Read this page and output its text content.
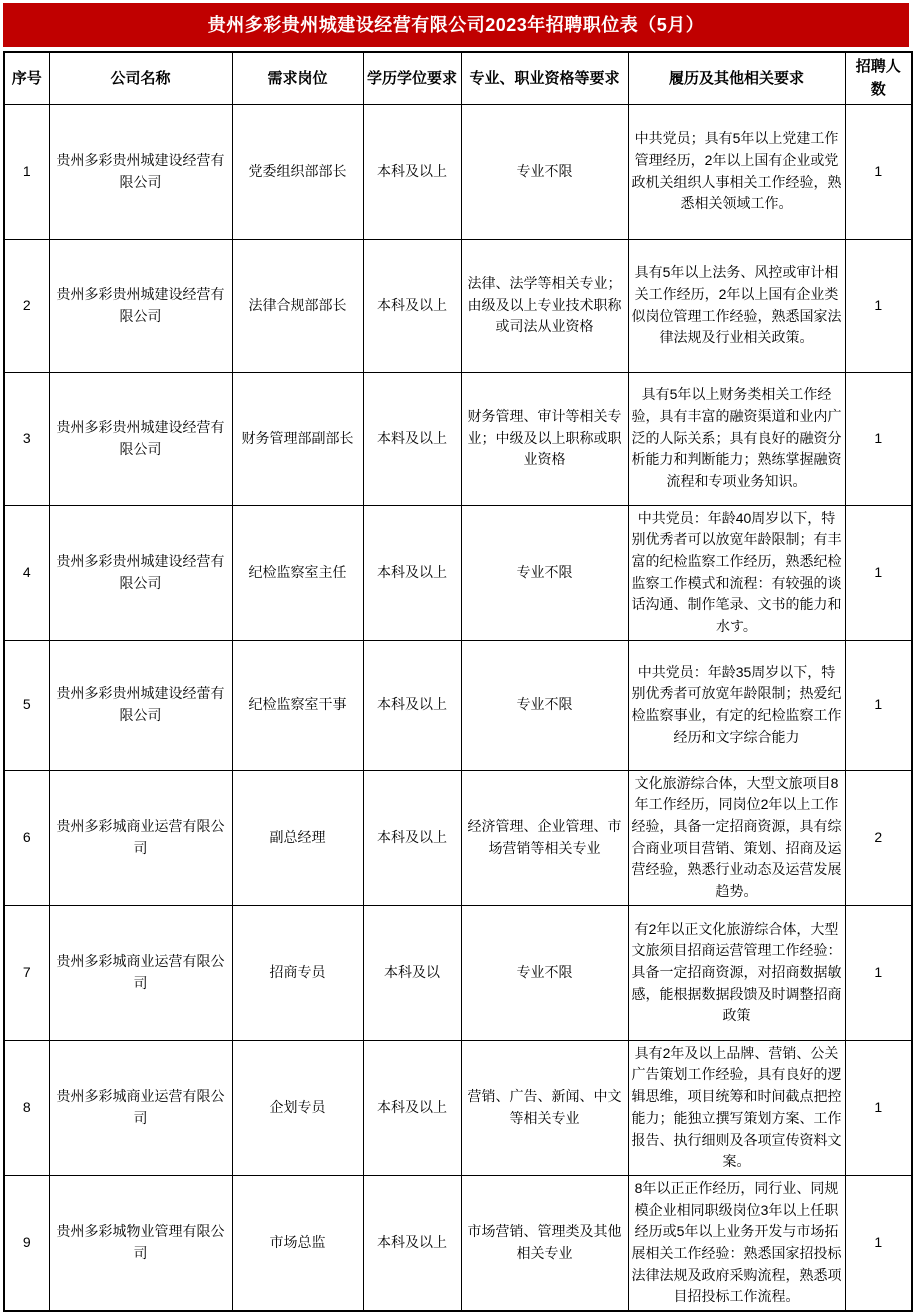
贵州多彩贵州城建设经营有限公司2023年招聘职位表（5月）
序号	公司名称	需求岗位	学历学位要求	专业、职业资格等要求	履历及其他相关要求	招聘人数
1	贵州多彩贵州城建设经营有限公司	党委组织部部长	本科及以上	专业不限	中共党员；具有5年以上党建工作管理经历，2年以上国有企业或党政机关组织人事相关工作经验，熟悉相关领域工作。	1
2	贵州多彩贵州城建设经营有限公司	法律合规部部长	本科及以上	法律、法学等相关专业；由级及以上专业技术职称或司法从业资格	具有5年以上法务、风控或审计相关工作经历，2年以上国有企业类似岗位管理工作经验，熟悉国家法律法规及行业相关政策。	1
3	贵州多彩贵州城建设经营有限公司	财务管理部副部长	本料及以上	财务管理、审计等相关专业；中级及以上职称或职业资格	具有5年以上财务类相关工作经验，具有丰富的融资渠道和业内广泛的人际关系；具有良好的融资分析能力和判断能力；熟练掌握融资流程和专项业务知识。	1
4	贵州多彩贵州城建设经营有限公司	纪检监察室主任	本科及以上	专业不限	中共党员：年龄40周岁以下，特别优秀者可以放宽年龄限制；有丰富的纪检监察工作经历，熟悉纪检监察工作模式和流程：有较强的谈话沟通、制作笔录、文书的能力和水す。	1
5	贵州多彩贵州城建设经蕾有限公司	纪检监察室干事	本科及以上	专业不限	中共党员：年龄35周岁以下，特别优秀者可放宽年龄限制；热爱纪检监察事业，有定的纪检监察工作经历和文字综合能力	1
6	贵州多彩城商业运营有限公司	副总经理	本科及以上	经济管理、企业管理、市场营销等相关专业	文化旅游综合体，大型文旅项目8年工作经历，同岗位2年以上工作经验，具备一定招商资源，具有综合商业项目营销、策划、招商及运营经验，熟悉行业动态及运营发展趋势。	2
7	贵州多彩城商业运营有限公司	招商专员	本科及以	专业不限	有2年以正文化旅游综合体，大型文旅须目招商运营管理工作经验：具备一定招商资源，对招商数据敏感，能根据数据段馈及时调整招商政策	1
8	贵州多彩城商业运营有限公司	企划专员	本科及以上	营销、广告、新闻、中文等相关专业	具有2年及以上品牌、营销、公关广告策划工作经验，具有良好的逻辑思维，项目统筹和时间截点把控能力；能独立撰写策划方案、工作报告、执行细则及各项宣传资料文案。	1
9	贵州多彩城物业管理有限公司	市场总监	本科及以上	市场营销、管理类及其他相关专业	8年以正正作经历，同行业、同规模企业相同职级岗位3年以上任职经历或5年以上业务开发与市场拓展相关工作经验：熟悉国家招投标法律法规及政府采购流程，熟悉项目招投标工作流程。	1
